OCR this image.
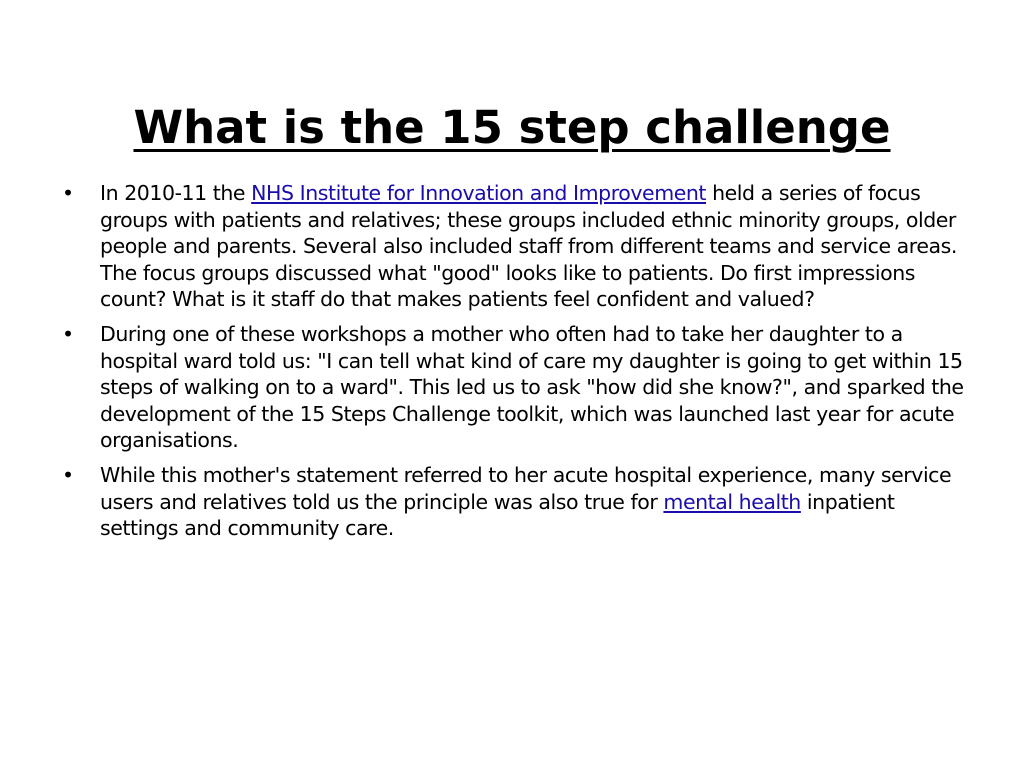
What is the 15 step challenge
•	In 2010-11 the NHS Institute for Innovation and Improvement held a series of focus groups with patients and relatives; these groups included ethnic minority groups, older people and parents. Several also included staff from different teams and service areas. The focus groups discussed what "good" looks like to patients. Do first impressions count? What is it staff do that makes patients feel confident and valued?
•	During one of these workshops a mother who often had to take her daughter to a hospital ward told us: "I can tell what kind of care my daughter is going to get within 15 steps of walking on to a ward". This led us to ask "how did she know?", and sparked the development of the 15 Steps Challenge toolkit, which was launched last year for acute organisations.
•	While this mother's statement referred to her acute hospital experience, many service users and relatives told us the principle was also true for mental health inpatient settings and community care.
